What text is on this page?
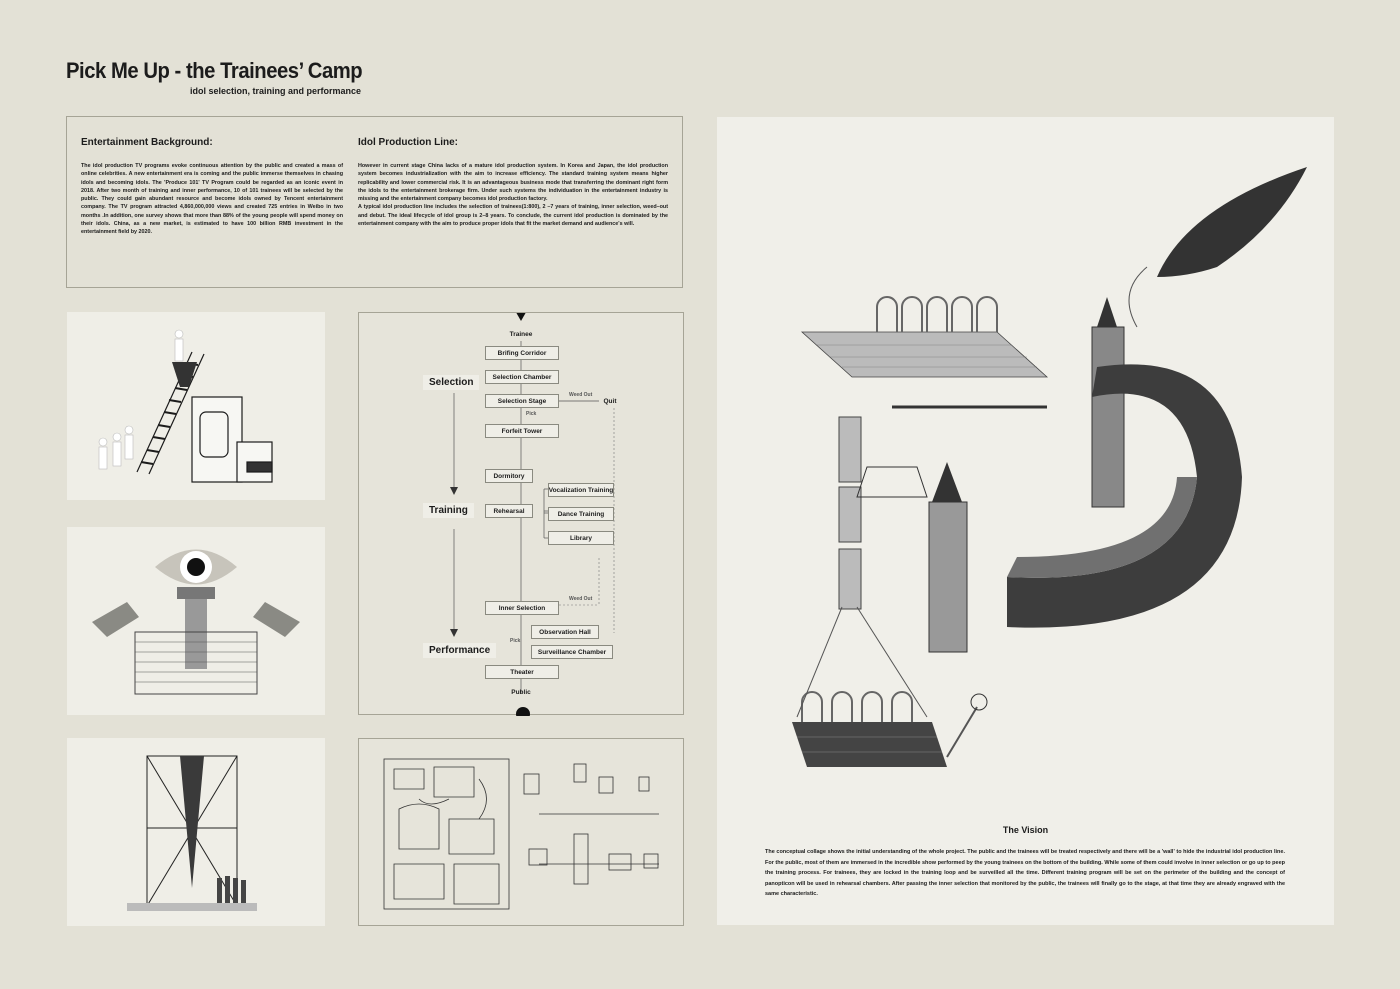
Pick Me Up - the Trainees’ Camp
idol selection, training and performance
Entertainment Background:

The idol production TV programs evoke continuous attention by the public and created a mass of online celebrities. A new entertainment era is coming and the public immerse themselves in chasing idols and becoming idols. The 'Produce 101' TV Program could be regarded as an iconic event in 2018. After two month of training and inner performance, 10 of 101 trainees will be selected by the public. They could gain abundant resource and become idols owned by Tencent entertainment company. The TV program attracted 4,860,000,000 views and created 725 entries in Weibo in two months .In addition, one survey shows that more than 88% of the young people will spend money on their idols. China, as a new market, is estimated to have 100 billion RMB investment in the entertainment field by 2020.

Idol Production Line:

However in current stage China lacks of a mature idol production system. In Korea and Japan, the idol production system becomes industrialization with the aim to increase efficiency. The standard training system means higher replicability and lower commercial risk. It is an advantageous business mode that transferring the dominant right form the idols to the entertainment brokerage firm. Under such systems the individuation in the entertainment industry is missing and the entertainment company becomes idol production factory.

A typical idol production line includes the selection of trainees(1:800), 2 –7 years of training, inner selection, weed–out and debut. The ideal lifecycle of idol group is 2–8 years. To conclude, the current idol production is dominated by the entertainment company with the aim to produce proper idols that fit the market demand and audience's will.

Trainee
Brifing Corridor
Selection Chamber
Selection Stage	Quit
Forfeit Tower
Dormitory
Rehearsal
Vocalization Training
Dance Training
Library
Inner Selection
Observation Hall
Surveillance Chamber
Theater
Public
Selection
Training
Performance
Weed Out
Pick
Weed Out
Pick
The Vision

The conceptual collage shows the initial understanding of the whole project. The public and the trainees will be treated respectively and there will be a 'wall' to hide the industrial idol production line. For the public, most of them are immersed in the incredible show performed by the young trainees on the bottom of the building. While some of them could involve in inner selection or go up to peep the training process. For trainees, they are locked in the training loop and be surveilled all the time. Different training program will be set on the perimeter of the building and the concept of panopticon will be used in rehearsal chambers. After passing the inner selection that monitored by the public, the trainees will finally go to the stage, at that time they are already engraved with the same characteristic.
